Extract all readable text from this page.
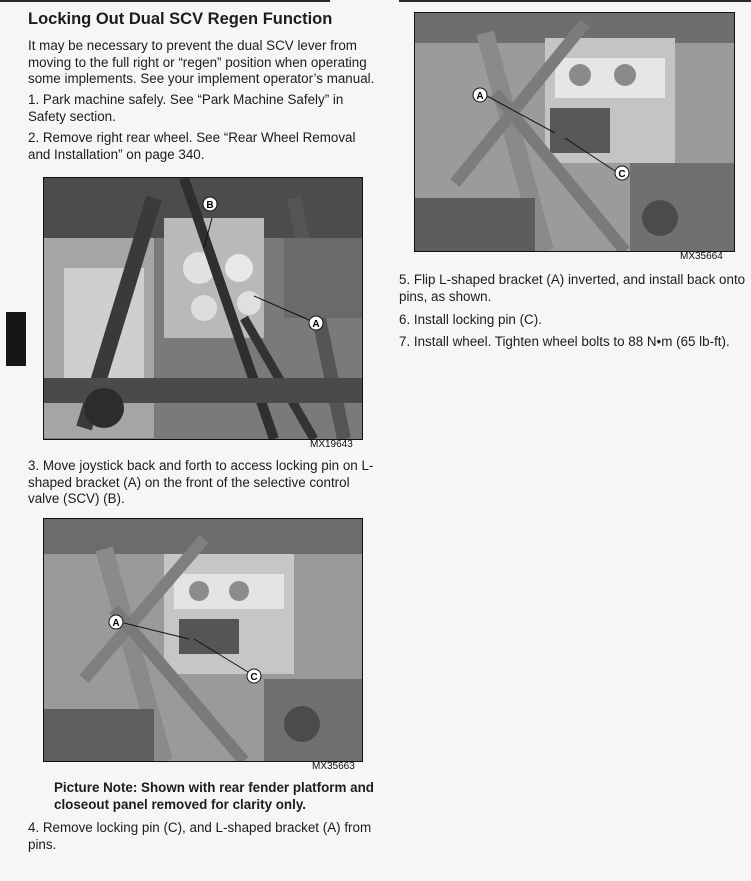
Locking Out Dual SCV Regen Function

It may be necessary to prevent the dual SCV lever from moving to the full right or “regen” position when operating some implements. See your implement operator’s manual.

1. Park machine safely. See “Park Machine Safely” in Safety section.

2. Remove right rear wheel. See “Rear Wheel Removal and Installation” on page 340.

B
A
MX19643

3. Move joystick back and forth to access locking pin on L-shaped bracket (A) on the front of the selective control valve (SCV) (B).

A
C
MX35663

Picture Note: Shown with rear fender platform and closeout panel removed for clarity only.

4. Remove locking pin (C), and L-shaped bracket (A) from pins.

A
C
MX35664

5. Flip L-shaped bracket (A) inverted, and install back onto pins, as shown.

6. Install locking pin (C).

7. Install wheel. Tighten wheel bolts to 88 N•m (65 lb-ft).
